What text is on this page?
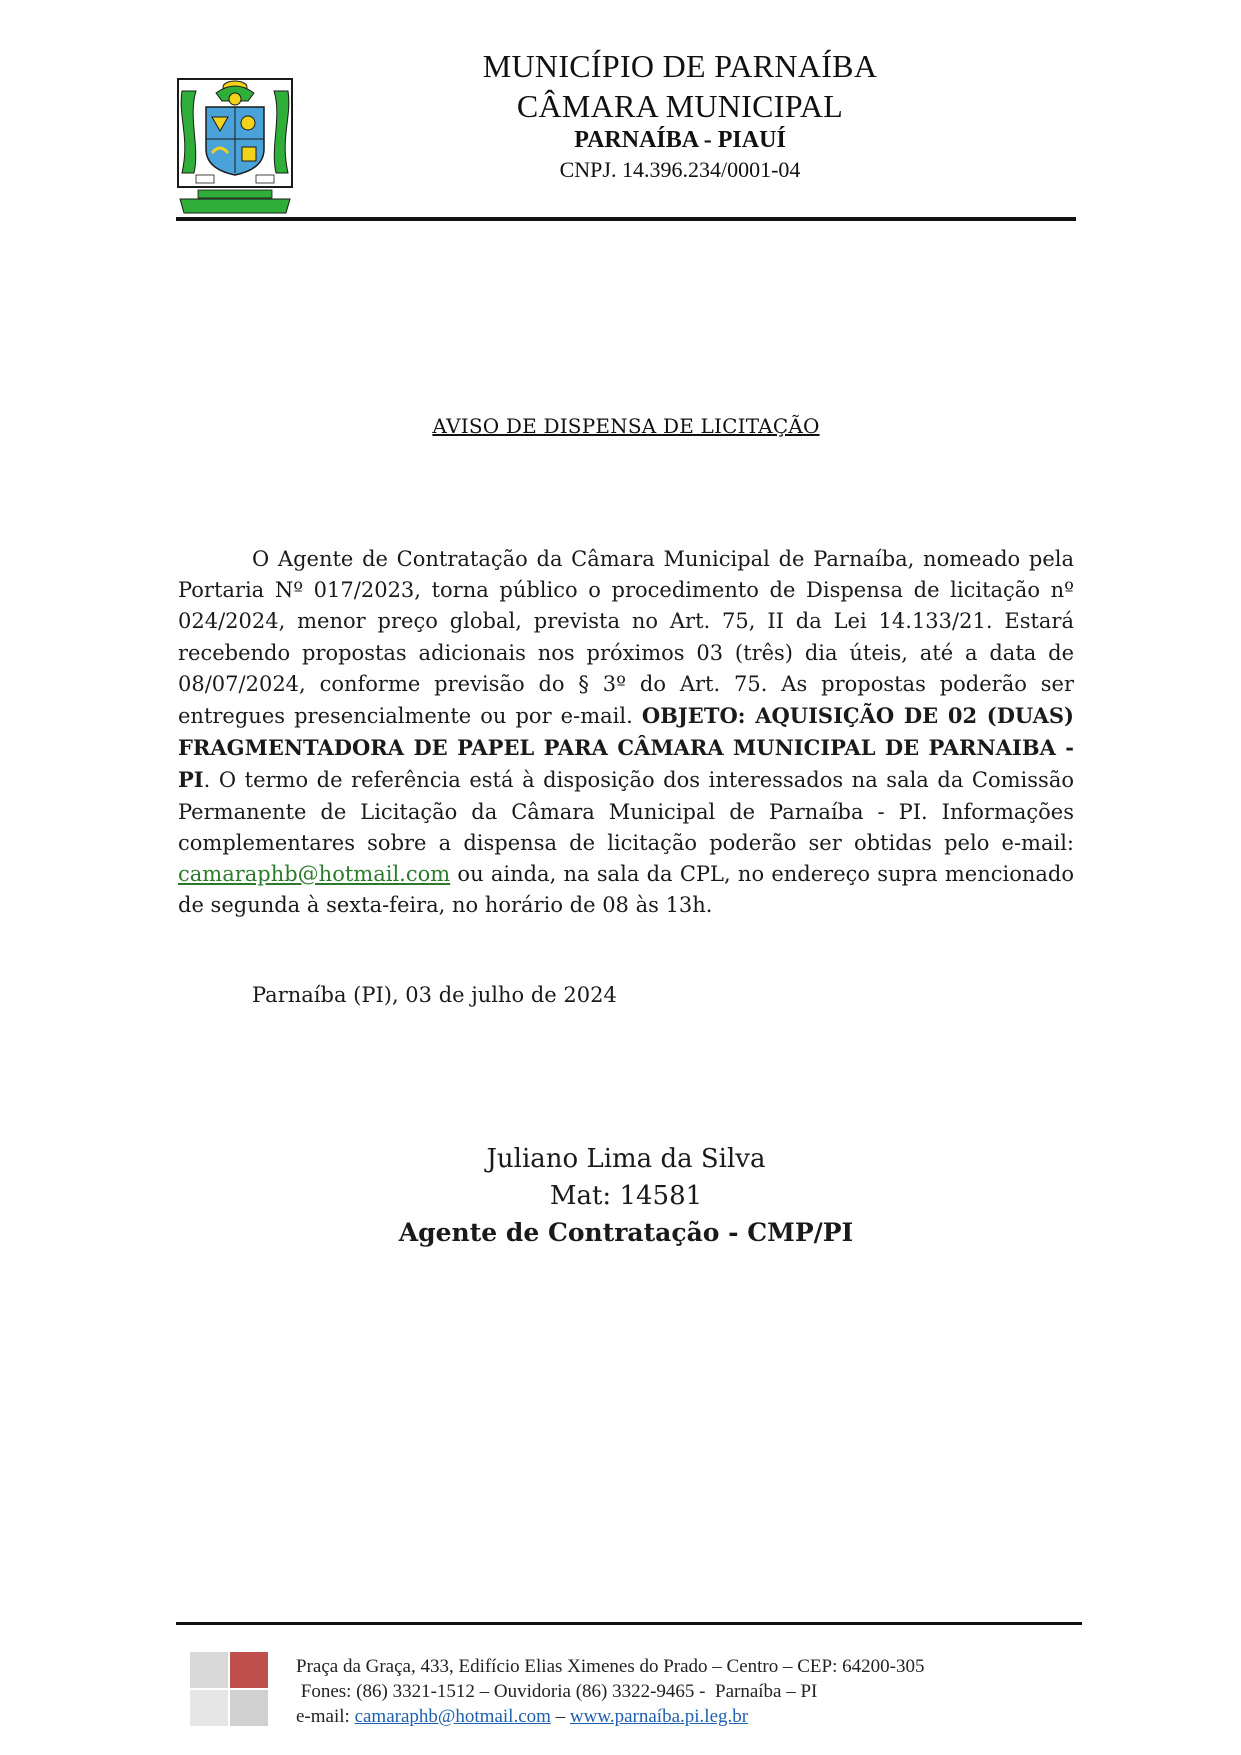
MUNICÍPIO DE PARNAÍBA
CÂMARA MUNICIPAL
PARNAÍBA - PIAUÍ
CNPJ. 14.396.234/0001-04
AVISO DE DISPENSA DE LICITAÇÃO
O Agente de Contratação da Câmara Municipal de Parnaíba, nomeado pela Portaria Nº 017/2023, torna público o procedimento de Dispensa de licitação nº 024/2024, menor preço global, prevista no Art. 75, II da Lei 14.133/21. Estará recebendo propostas adicionais nos próximos 03 (três) dia úteis, até a data de 08/07/2024, conforme previsão do § 3º do Art. 75. As propostas poderão ser entregues presencialmente ou por e-mail. OBJETO: AQUISIÇÃO DE 02 (DUAS) FRAGMENTADORA DE PAPEL PARA CÂMARA MUNICIPAL DE PARNAIBA - PI. O termo de referência está à disposição dos interessados na sala da Comissão Permanente de Licitação da Câmara Municipal de Parnaíba - PI. Informações complementares sobre a dispensa de licitação poderão ser obtidas pelo e-mail: camaraphb@hotmail.com ou ainda, na sala da CPL, no endereço supra mencionado de segunda à sexta-feira, no horário de 08 às 13h.
Parnaíba (PI), 03 de julho de 2024
Juliano Lima da Silva
Mat: 14581
Agente de Contratação - CMP/PI
Praça da Graça, 433, Edifício Elias Ximenes do Prado – Centro – CEP: 64200-305
Fones: (86) 3321-1512 – Ouvidoria (86) 3322-9465 -  Parnaíba – PI
e-mail: camaraphb@hotmail.com – www.parnaíba.pi.leg.br
